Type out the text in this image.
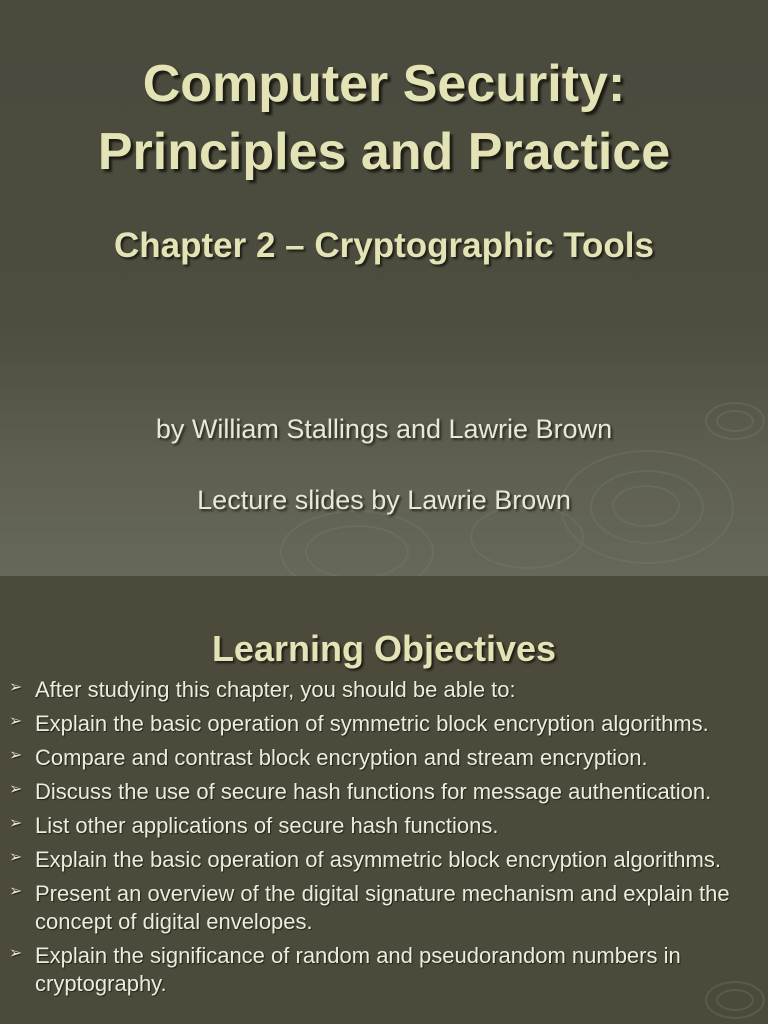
Computer Security:
Principles and Practice
Chapter 2 – Cryptographic Tools
by William Stallings and Lawrie Brown
Lecture slides by Lawrie Brown
Learning Objectives
➢ After studying this chapter, you should be able to:
➢ Explain the basic operation of symmetric block encryption algorithms.
➢ Compare and contrast block encryption and stream encryption.
➢ Discuss the use of secure hash functions for message authentication.
➢ List other applications of secure hash functions.
➢ Explain the basic operation of asymmetric block encryption algorithms.
➢ Present an overview of the digital signature mechanism and explain the concept of digital envelopes.
➢ Explain the significance of random and pseudorandom numbers in cryptography.
